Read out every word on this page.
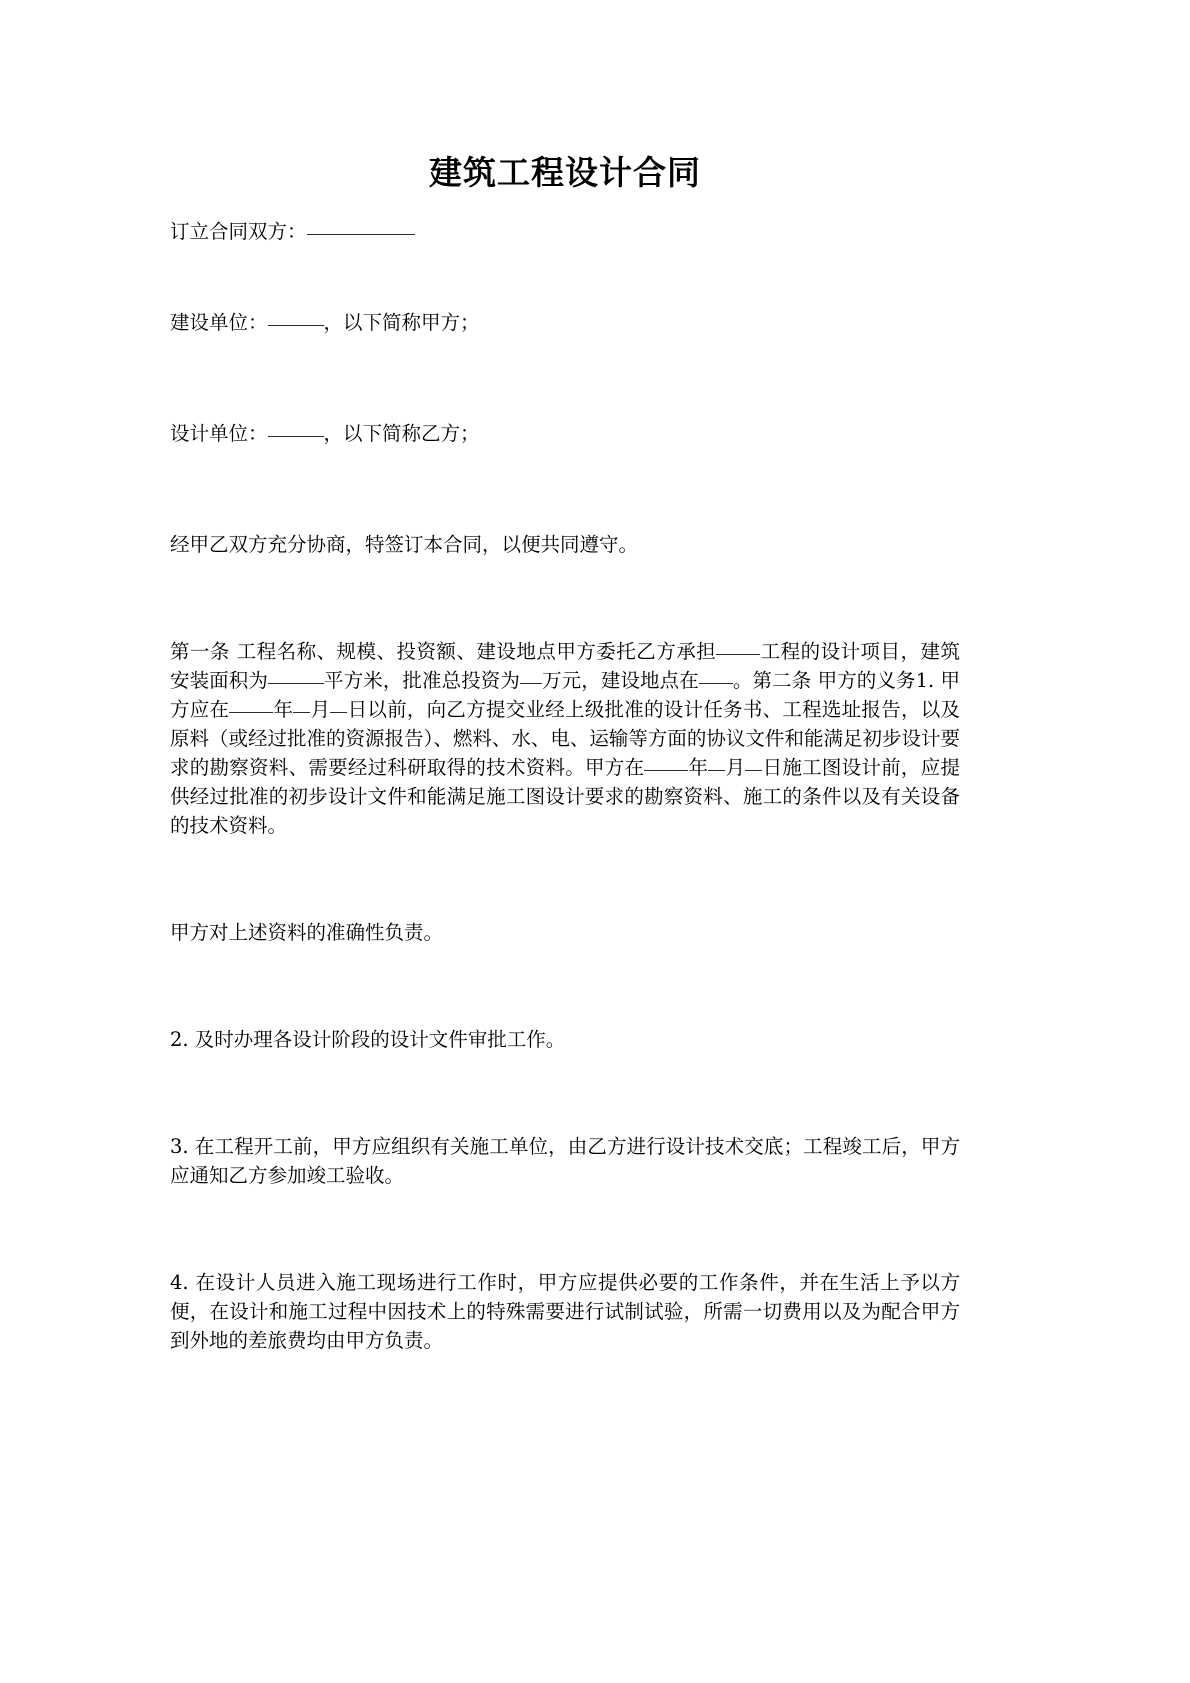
建筑工程设计合同

订立合同双方：

建设单位：	，以下简称甲方；

设计单位：	，以下简称乙方；

经甲乙双方充分协商，特签订本合同，以便共同遵守。

第一条 工程名称、规模、投资额、建设地点甲方委托乙方承担 工程的设计项目，建筑安装面积为	平方米，批准总投资为 万元，建设地点在 。第二条 甲方的义务1. 甲方应在 年 月 日以前，向乙方提交业经上级批准的设计任务书、工程选址报告，以及原料（或经过批准的资源报告）、燃料、水、电、运输等方面的协议文件和能满足初步设计要求的勘察资料、需要经过科研取得的技术资料。甲方在 年 月 日施工图设计前，应提供经过批准的初步设计文件和能满足施工图设计要求的勘察资料、施工的条件以及有关设备的技术资料。

甲方对上述资料的准确性负责。

2. 及时办理各设计阶段的设计文件审批工作。

3. 在工程开工前，甲方应组织有关施工单位，由乙方进行设计技术交底；工程竣工后，甲方应通知乙方参加竣工验收。

4. 在设计人员进入施工现场进行工作时，甲方应提供必要的工作条件，并在生活上予以方便，在设计和施工过程中因技术上的特殊需要进行试制试验，所需一切费用以及为配合甲方到外地的差旅费均由甲方负责。
